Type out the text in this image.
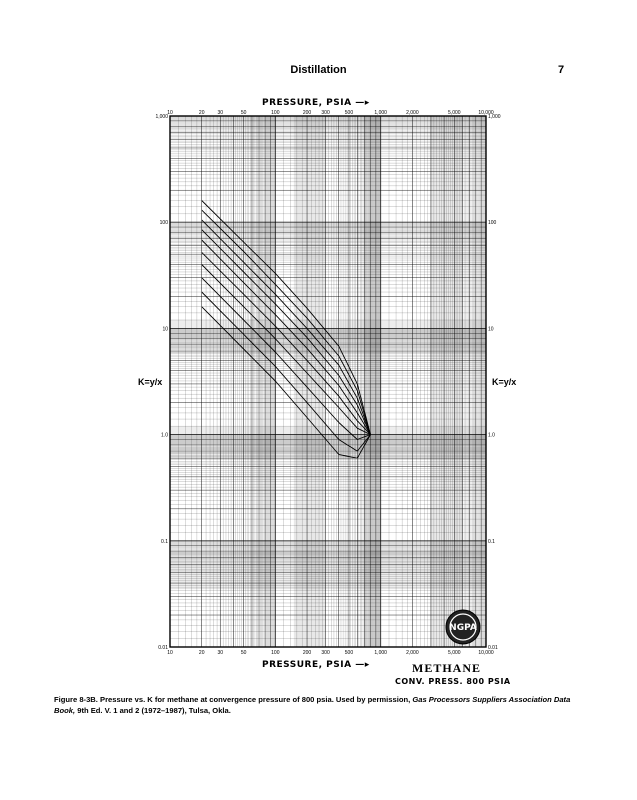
Distillation	7
PRESSURE, PSIA —▸
10
10
20
20
30
30
50
50
100
100
200
200
300
300
500
500
1,000
1,000
2,000
2,000
5,000
5,000
10,000
10,000
0.01	0.01
0.1	0.1
1.0	1.0
10	10
100	100
1,000	1,000
NGPA
K=y/x	K=y/x
PRESSURE, PSIA —▸	METHANE
CONV. PRESS. 800 PSIA
Figure 8-3B. Pressure vs. K for methane at convergence pressure of 800 psia. Used by permission, Gas Processors Suppliers Association Data Book, 9th Ed. V. 1 and 2 (1972–1987), Tulsa, Okla.
